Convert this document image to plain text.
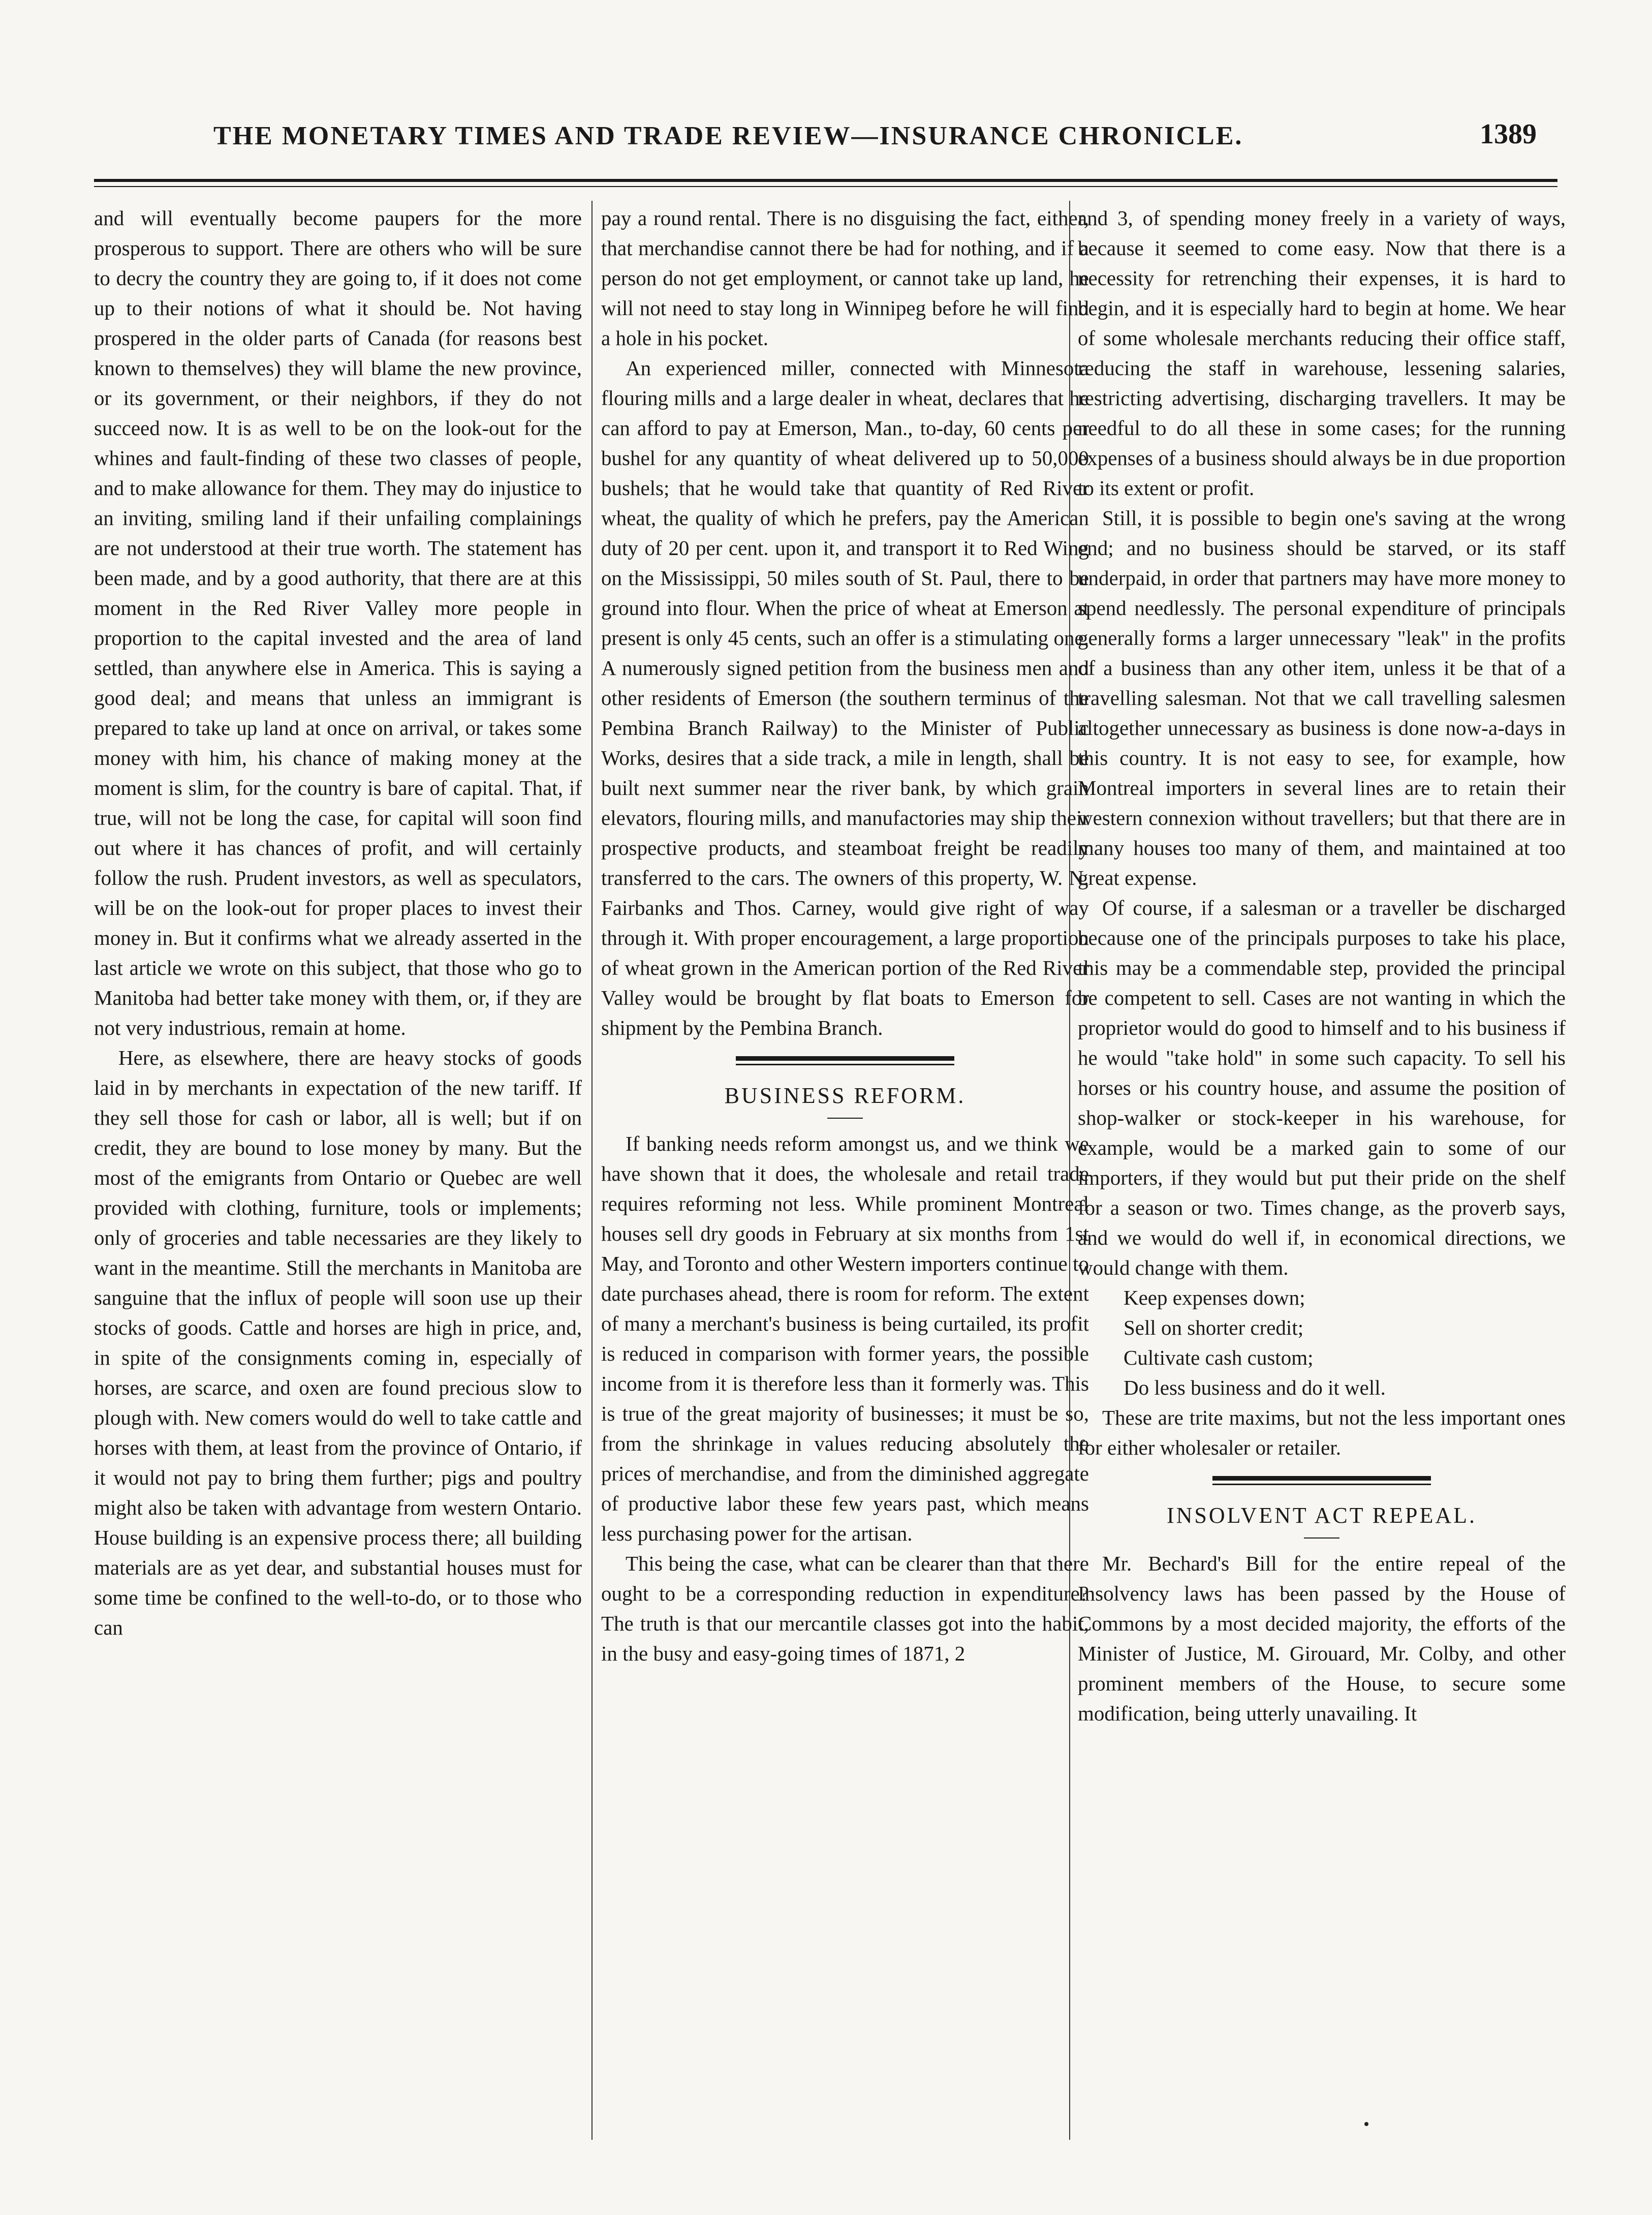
THE MONETARY TIMES AND TRADE REVIEW—INSURANCE CHRONICLE.	1389

and will eventually become paupers for the more prosperous to support. There are others who will be sure to decry the country they are going to, if it does not come up to their notions of what it should be. Not having prospered in the older parts of Canada (for reasons best known to themselves) they will blame the new province, or its government, or their neighbors, if they do not succeed now. It is as well to be on the look-out for the whines and fault-finding of these two classes of people, and to make allowance for them. They may do injustice to an inviting, smiling land if their unfailing complainings are not understood at their true worth. The statement has been made, and by a good authority, that there are at this moment in the Red River Valley more people in proportion to the capital invested and the area of land settled, than anywhere else in America. This is saying a good deal; and means that unless an immigrant is prepared to take up land at once on arrival, or takes some money with him, his chance of making money at the moment is slim, for the country is bare of capital. That, if true, will not be long the case, for capital will soon find out where it has chances of profit, and will certainly follow the rush. Prudent investors, as well as speculators, will be on the look-out for proper places to invest their money in. But it confirms what we already asserted in the last article we wrote on this subject, that those who go to Manitoba had better take money with them, or, if they are not very industrious, remain at home.

Here, as elsewhere, there are heavy stocks of goods laid in by merchants in expectation of the new tariff. If they sell those for cash or labor, all is well; but if on credit, they are bound to lose money by many. But the most of the emigrants from Ontario or Quebec are well provided with clothing, furniture, tools or implements; only of groceries and table necessaries are they likely to want in the meantime. Still the merchants in Manitoba are sanguine that the influx of people will soon use up their stocks of goods. Cattle and horses are high in price, and, in spite of the consignments coming in, especially of horses, are scarce, and oxen are found precious slow to plough with. New comers would do well to take cattle and horses with them, at least from the province of Ontario, if it would not pay to bring them further; pigs and poultry might also be taken with advantage from western Ontario. House building is an expensive process there; all building materials are as yet dear, and substantial houses must for some time be confined to the well-to-do, or to those who can

pay a round rental. There is no disguising the fact, either, that merchandise cannot there be had for nothing, and if a person do not get employment, or cannot take up land, he will not need to stay long in Winnipeg before he will find a hole in his pocket.

An experienced miller, connected with Minnesota flouring mills and a large dealer in wheat, declares that he can afford to pay at Emerson, Man., to-day, 60 cents per bushel for any quantity of wheat delivered up to 50,000 bushels; that he would take that quantity of Red River wheat, the quality of which he prefers, pay the American duty of 20 per cent. upon it, and transport it to Red Wing on the Mississippi, 50 miles south of St. Paul, there to be ground into flour. When the price of wheat at Emerson at present is only 45 cents, such an offer is a stimulating one. A numerously signed petition from the business men and other residents of Emerson (the southern terminus of the Pembina Branch Railway) to the Minister of Public Works, desires that a side track, a mile in length, shall be built next summer near the river bank, by which grain elevators, flouring mills, and manufactories may ship their prospective products, and steamboat freight be readily transferred to the cars. The owners of this property, W. N. Fairbanks and Thos. Carney, would give right of way through it. With proper encouragement, a large proportion of wheat grown in the American portion of the Red River Valley would be brought by flat boats to Emerson for shipment by the Pembina Branch.

BUSINESS REFORM.

If banking needs reform amongst us, and we think we have shown that it does, the wholesale and retail trade requires reforming not less. While prominent Montreal houses sell dry goods in February at six months from 1st May, and Toronto and other Western importers continue to date purchases ahead, there is room for reform. The extent of many a merchant's business is being curtailed, its profit is reduced in comparison with former years, the possible income from it is therefore less than it formerly was. This is true of the great majority of businesses; it must be so, from the shrinkage in values reducing absolutely the prices of merchandise, and from the diminished aggregate of productive labor these few years past, which means less purchasing power for the artisan.

This being the case, what can be clearer than that there ought to be a corresponding reduction in expenditure? The truth is that our mercantile classes got into the habit, in the busy and easy-going times of 1871, 2

and 3, of spending money freely in a variety of ways, because it seemed to come easy. Now that there is a necessity for retrenching their expenses, it is hard to begin, and it is especially hard to begin at home. We hear of some wholesale merchants reducing their office staff, reducing the staff in warehouse, lessening salaries, restricting advertising, discharging travellers. It may be needful to do all these in some cases; for the running expenses of a business should always be in due proportion to its extent or profit.

Still, it is possible to begin one's saving at the wrong end; and no business should be starved, or its staff underpaid, in order that partners may have more money to spend needlessly. The personal expenditure of principals generally forms a larger unnecessary "leak" in the profits of a business than any other item, unless it be that of a travelling salesman. Not that we call travelling salesmen altogether unnecessary as business is done now-a-days in this country. It is not easy to see, for example, how Montreal importers in several lines are to retain their western connexion without travellers; but that there are in many houses too many of them, and maintained at too great expense.

Of course, if a salesman or a traveller be discharged because one of the principals purposes to take his place, this may be a commendable step, provided the principal be competent to sell. Cases are not wanting in which the proprietor would do good to himself and to his business if he would "take hold" in some such capacity. To sell his horses or his country house, and assume the position of shop-walker or stock-keeper in his warehouse, for example, would be a marked gain to some of our importers, if they would but put their pride on the shelf for a season or two. Times change, as the proverb says, and we would do well if, in economical directions, we would change with them.

Keep expenses down;

Sell on shorter credit;

Cultivate cash custom;

Do less business and do it well.

These are trite maxims, but not the less important ones for either wholesaler or retailer.

INSOLVENT ACT REPEAL.

Mr. Bechard's Bill for the entire repeal of the Insolvency laws has been passed by the House of Commons by a most decided majority, the efforts of the Minister of Justice, M. Girouard, Mr. Colby, and other prominent members of the House, to secure some modification, being utterly unavailing. It
